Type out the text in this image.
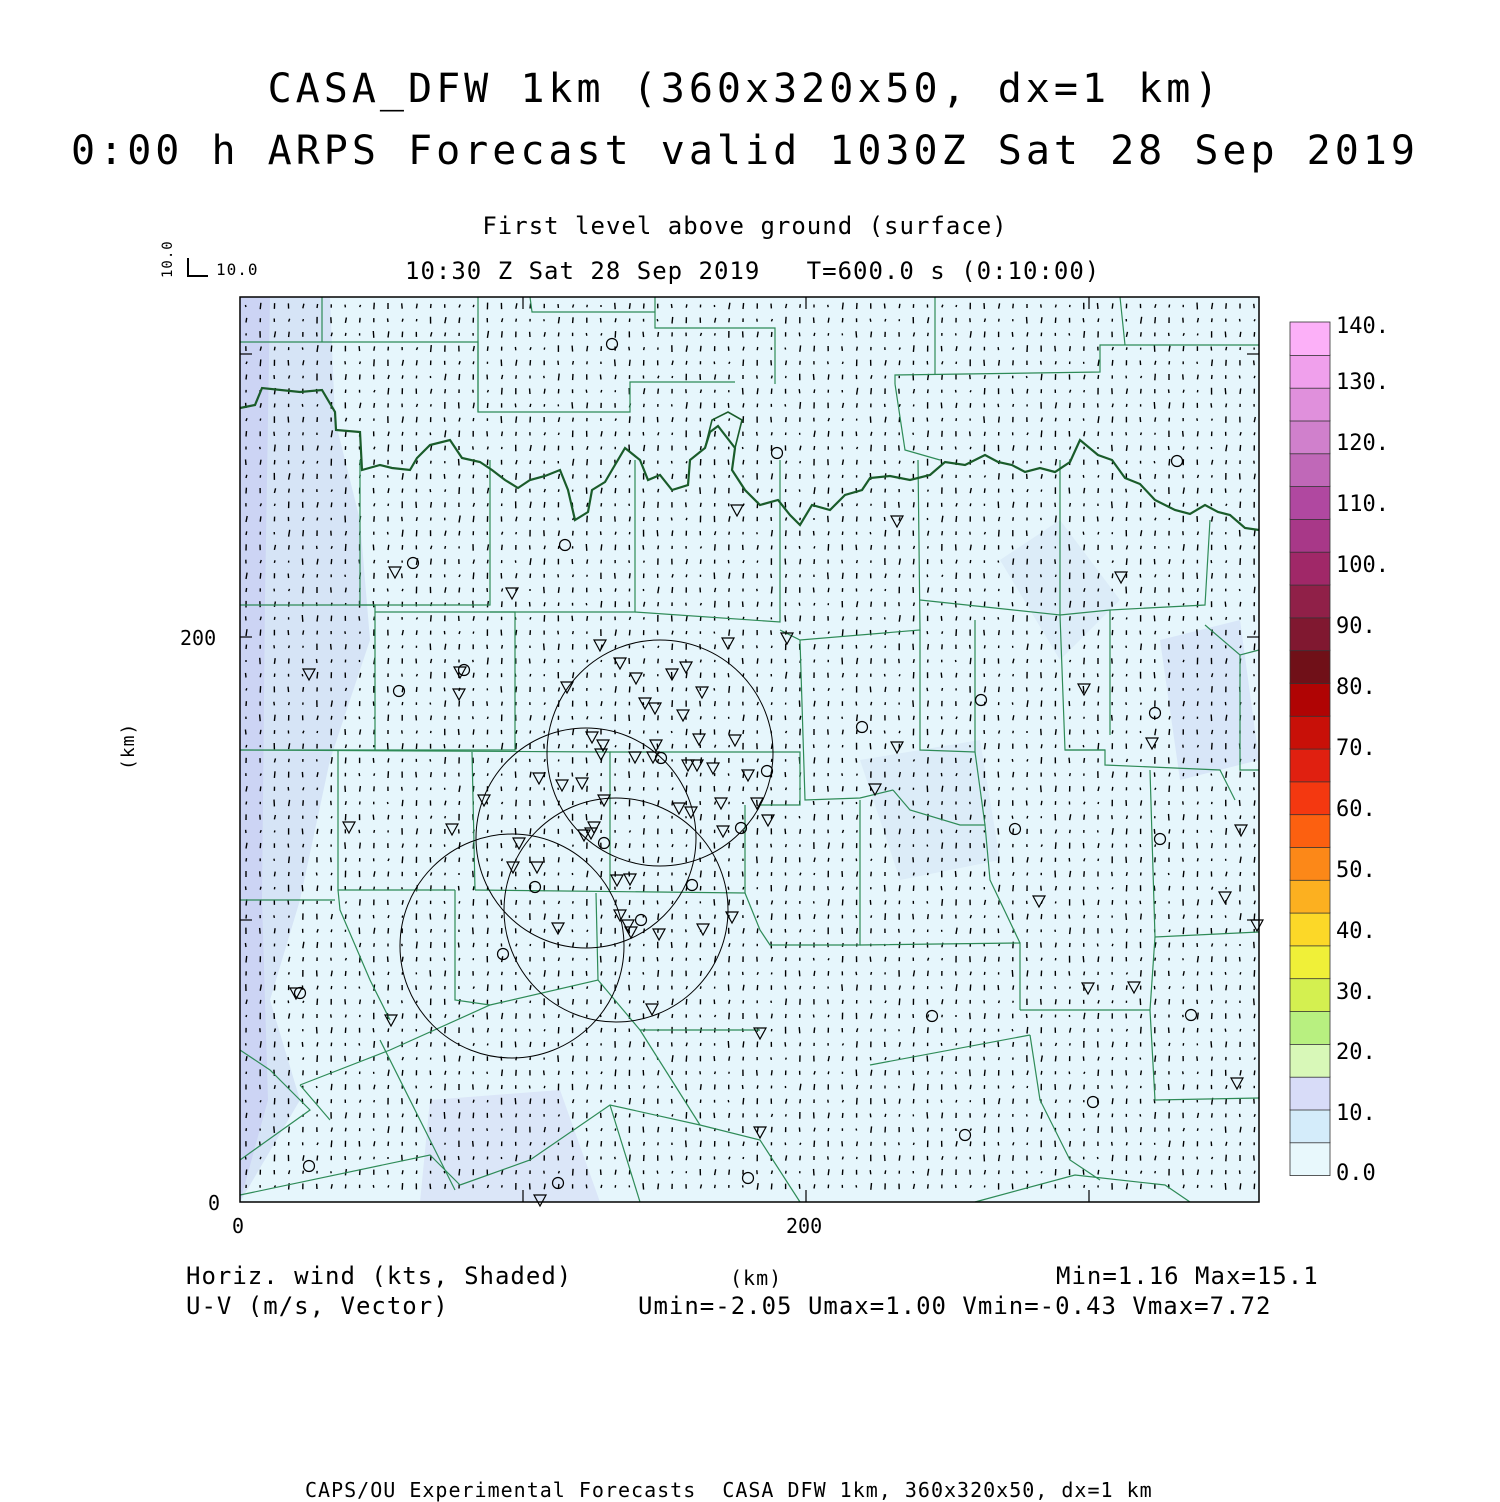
CASA_DFW 1km (360x320x50, dx=1 km)
0:00 h ARPS Forecast valid 1030Z Sat 28 Sep 2019
First level above ground (surface)
10:30 Z Sat 28 Sep 2019   T=600.0 s (0:10:00)
10.0	10.0
(km)
(km)
0	200
0
200
Horiz. wind (kts, Shaded)
U-V (m/s, Vector)
Min=1.16 Max=15.1
Umin=-2.05 Umax=1.00 Vmin=-0.43 Vmax=7.72
CAPS/OU Experimental Forecasts  CASA DFW 1km, 360x320x50, dx=1 km
0.0
10.
20.
30.
40.
50.
60.
70.
80.
90.
100.
110.
120.
130.
140.
